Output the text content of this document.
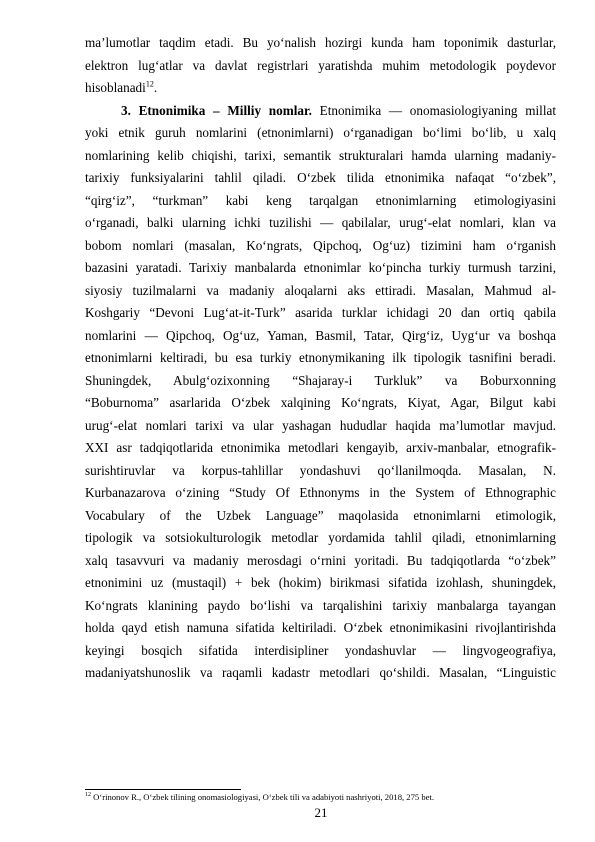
ma’lumotlar taqdim etadi. Bu yo‘nalish hozirgi kunda ham toponimik dasturlar,
elektron lug‘atlar va davlat registrlari yaratishda muhim metodologik poydevor
hisoblanadi$^{12}$.
3. Etnonimika – Milliy nomlar. Etnonimika — onomasiologiyaning millat
yoki etnik guruh nomlarini (etnonimlarni) o‘rganadigan bo‘limi bo‘lib, u xalq
nomlarining kelib chiqishi, tarixi, semantik strukturalari hamda ularning madaniy-
tarixiy funksiyalarini tahlil qiladi. O‘zbek tilida etnonimika nafaqat “o‘zbek”,
“qirg‘iz”, “turkman” kabi keng tarqalgan etnonimlarning etimologiyasini
o‘rganadi, balki ularning ichki tuzilishi — qabilalar, urug‘-elat nomlari, klan va
bobom nomlari (masalan, Ko‘ngrats, Qipchoq, Og‘uz) tizimini ham o‘rganish
bazasini yaratadi. Tarixiy manbalarda etnonimlar ko‘pincha turkiy turmush tarzini,
siyosiy tuzilmalarni va madaniy aloqalarni aks ettiradi. Masalan, Mahmud al-
Koshgariy “Devoni Lug‘at-it-Turk” asarida turklar ichidagi 20 dan ortiq qabila
nomlarini — Qipchoq, Og‘uz, Yaman, Basmil, Tatar, Qirg‘iz, Uyg‘ur va boshqa
etnonimlarni keltiradi, bu esa turkiy etnonymikaning ilk tipologik tasnifini beradi.
Shuningdek, Abulg‘ozixonning “Shajaray-i Turkluk” va Boburxonning
“Boburnoma” asarlarida O‘zbek xalqining Ko‘ngrats, Kiyat, Agar, Bilgut kabi
urug‘-elat nomlari tarixi va ular yashagan hududlar haqida ma’lumotlar mavjud.
XXI asr tadqiqotlarida etnonimika metodlari kengayib, arxiv-manbalar, etnografik-
surishtiruvlar va korpus-tahlillar yondashuvi qo‘llanilmoqda. Masalan, N.
Kurbanazarova o‘zining “Study Of Ethnonyms in the System of Ethnographic
Vocabulary of the Uzbek Language” maqolasida etnonimlarni etimologik,
tipologik va sotsiokulturologik metodlar yordamida tahlil qiladi, etnonimlarning
xalq tasavvuri va madaniy merosdagi o‘rnini yoritadi. Bu tadqiqotlarda “o‘zbek”
etnonimini uz (mustaqil) + bek (hokim) birikmasi sifatida izohlash, shuningdek,
Ko‘ngrats klanining paydo bo‘lishi va tarqalishini tarixiy manbalarga tayangan
holda qayd etish namuna sifatida keltiriladi. O‘zbek etnonimikasini rivojlantirishda
keyingi bosqich sifatida interdisipliner yondashuvlar — lingvogeografiya,
madaniyatshunoslik va raqamli kadastr metodlari qo‘shildi. Masalan, “Linguistic
$^{12}$ O‘rinonov R., O‘zbek tilining onomasiologiyasi, O‘zbek tili va adabiyoti nashriyoti, 2018, 275 bet.
21
